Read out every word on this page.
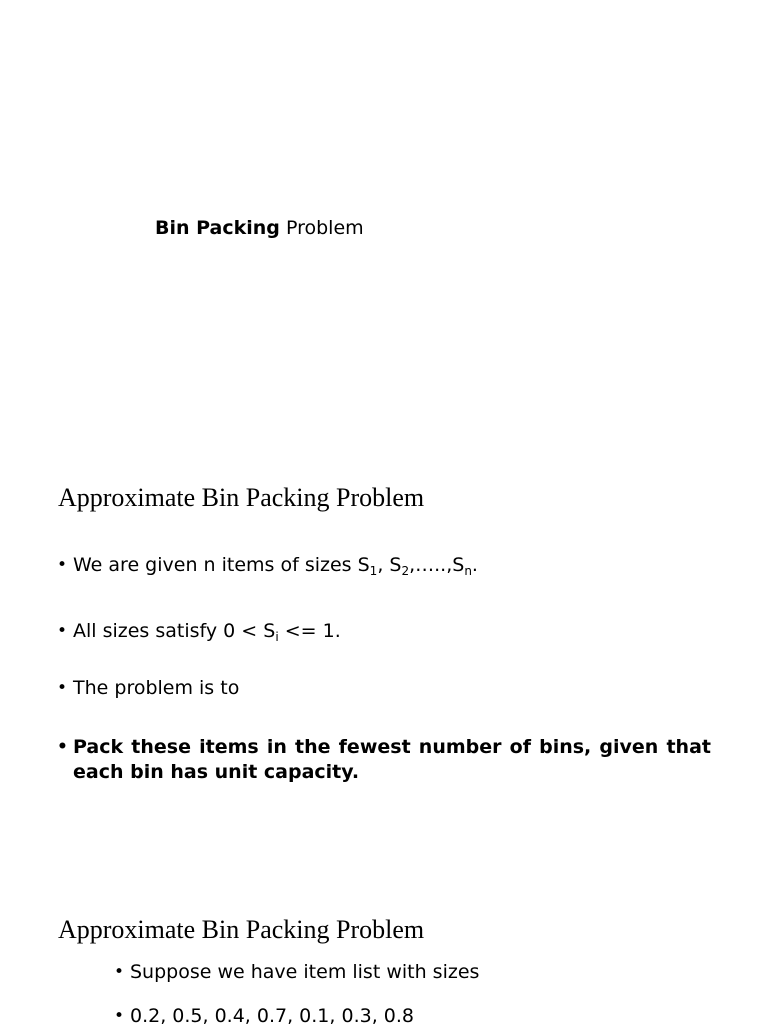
Bin Packing Problem
Approximate Bin Packing Problem
• We are given n items of sizes $S_1$, $S_2,\dots..,S_n$.
• All sizes satisfy $0 < S_i <= 1$.
• The problem is to
• Pack these items in the fewest number of bins, given that each bin has unit capacity.
Approximate Bin Packing Problem
• Suppose we have item list with sizes
• 0.2, 0.5, 0.4, 0.7, 0.1, 0.3, 0.8
